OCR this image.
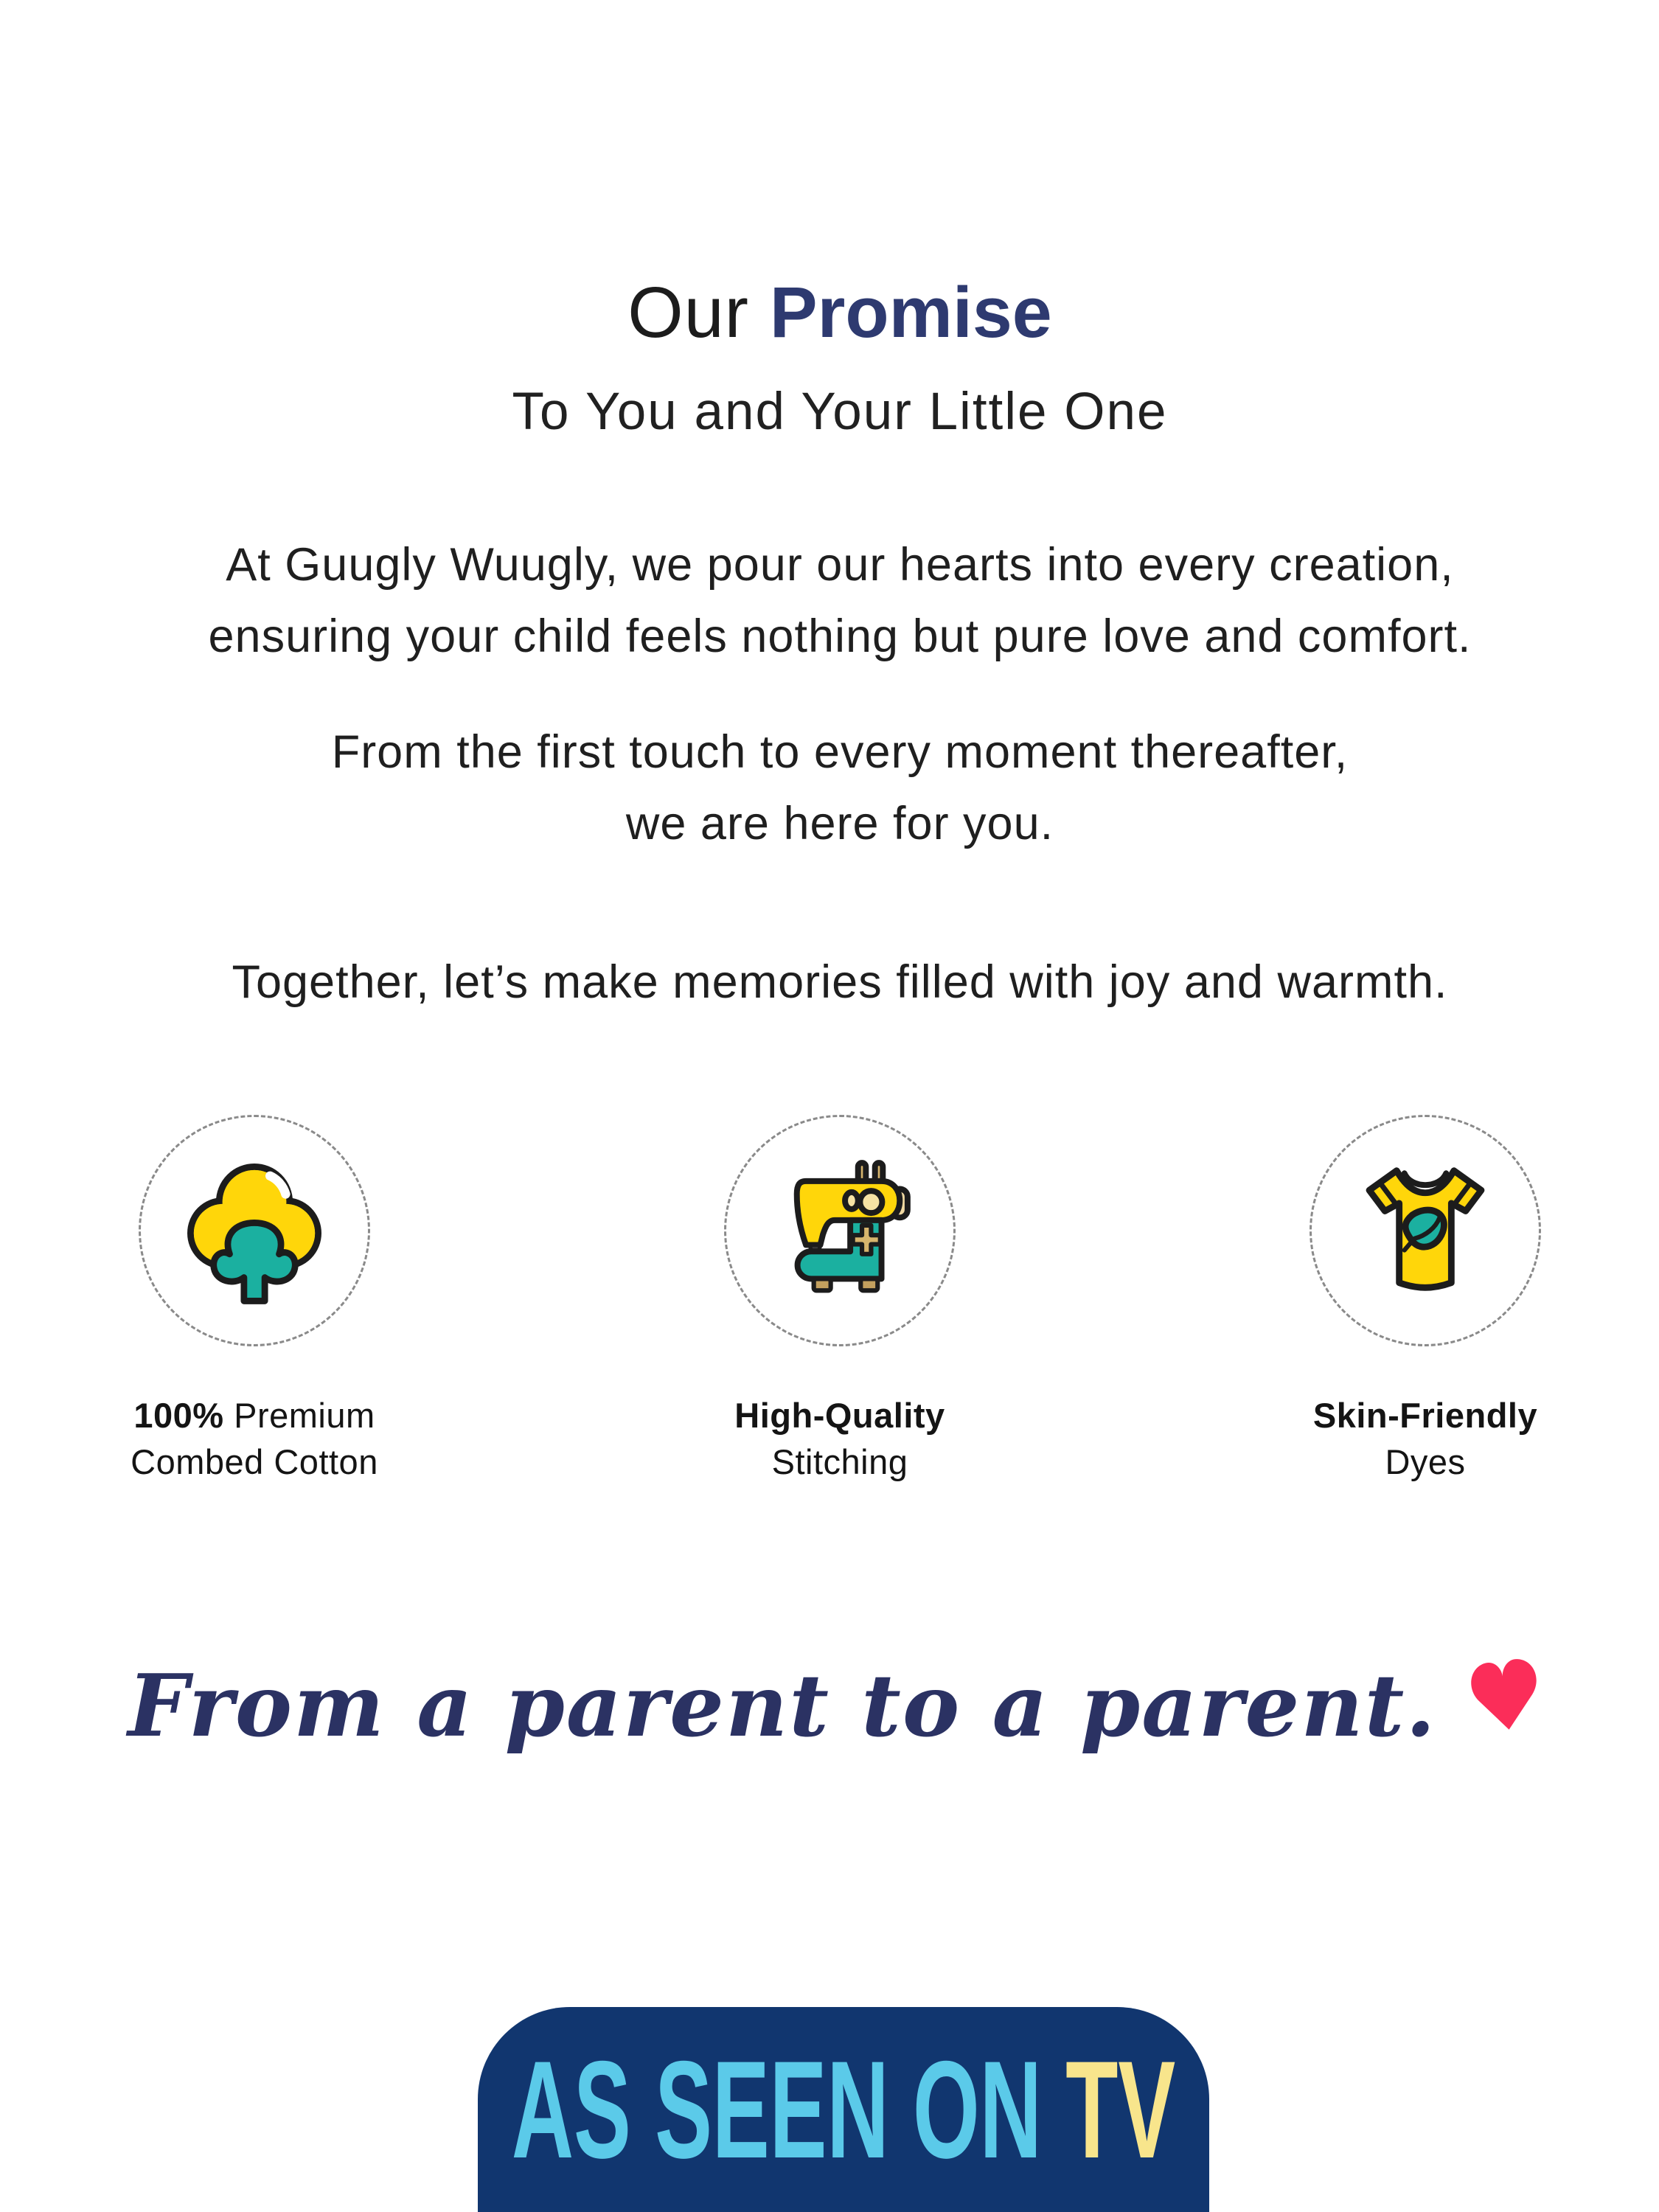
Our Promise
To You and Your Little One
At Guugly Wuugly, we pour our hearts into every creation,
ensuring your child feels nothing but pure love and comfort.
From the first touch to every moment thereafter,
we are here for you.
Together, let’s make memories filled with joy and warmth.
100% Premium
Combed Cotton
High-Quality
Stitching
Skin-Friendly
Dyes
From a parent to a parent.
AS SEEN ON TV
